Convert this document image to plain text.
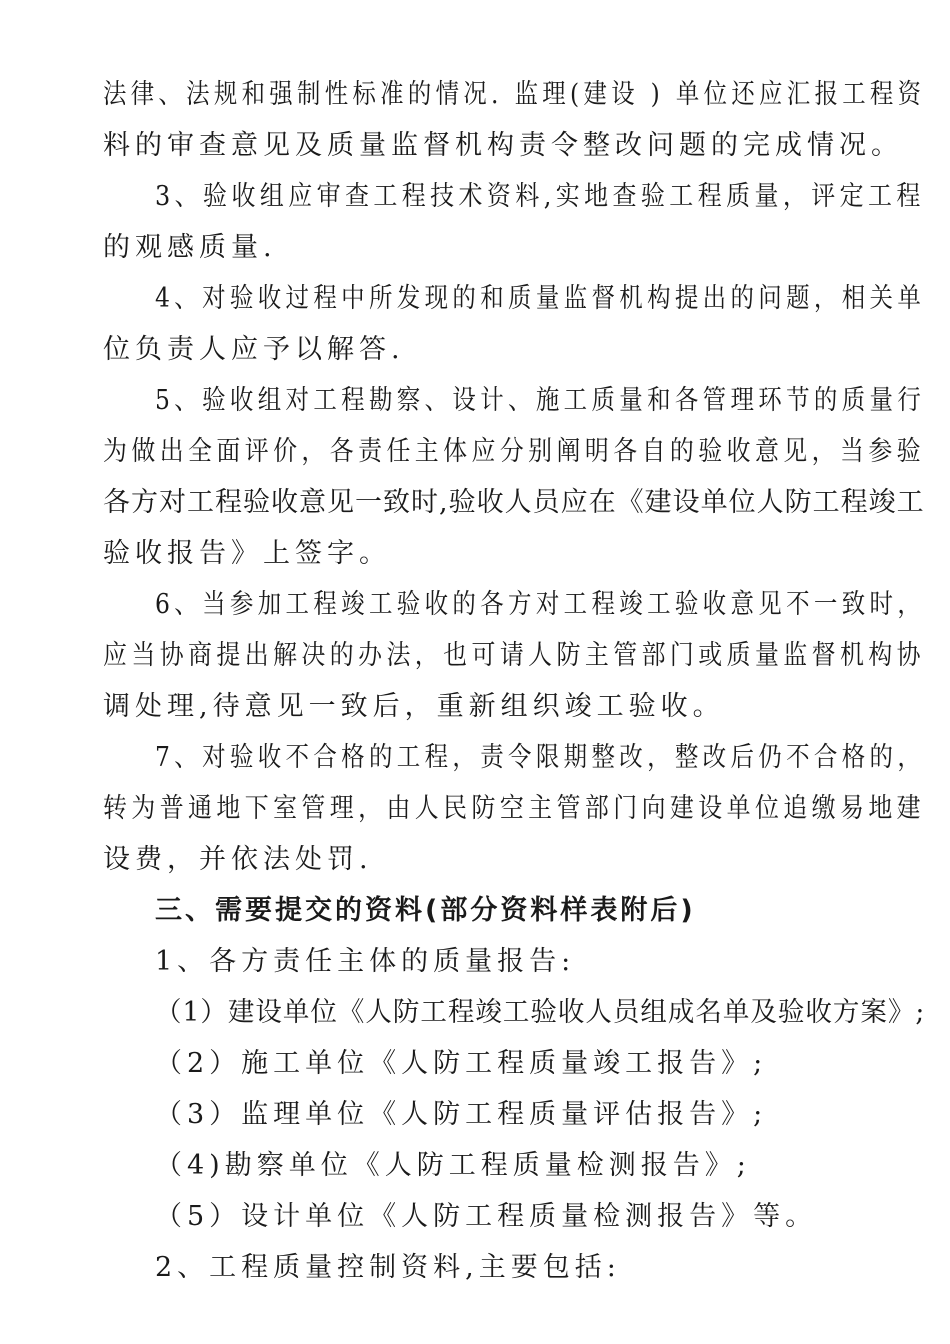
法律、法规和强制性标准的情况. 监理(建设 ) 单位还应汇报工程资
料的审查意见及质量监督机构责令整改问题的完成情况。
3、验收组应审查工程技术资料,实地查验工程质量，评定工程
的观感质量.
4、对验收过程中所发现的和质量监督机构提出的问题，相关单
位负责人应予以解答.
5、验收组对工程勘察、设计、施工质量和各管理环节的质量行
为做出全面评价，各责任主体应分别阐明各自的验收意见，当参验
各方对工程验收意见一致时,验收人员应在《建设单位人防工程竣工
验收报告》上签字。
6、当参加工程竣工验收的各方对工程竣工验收意见不一致时，
应当协商提出解决的办法，也可请人防主管部门或质量监督机构协
调处理,待意见一致后，重新组织竣工验收。
7、对验收不合格的工程，责令限期整改，整改后仍不合格的，
转为普通地下室管理，由人民防空主管部门向建设单位追缴易地建
设费，并依法处罚.
三、需要提交的资料(部分资料样表附后)
1、各方责任主体的质量报告:
（1）建设单位《人防工程竣工验收人员组成名单及验收方案》;
（2）施工单位《人防工程质量竣工报告》;
（3）监理单位《人防工程质量评估报告》;
（4)勘察单位《人防工程质量检测报告》;
（5）设计单位《人防工程质量检测报告》等。
2、工程质量控制资料,主要包括:
